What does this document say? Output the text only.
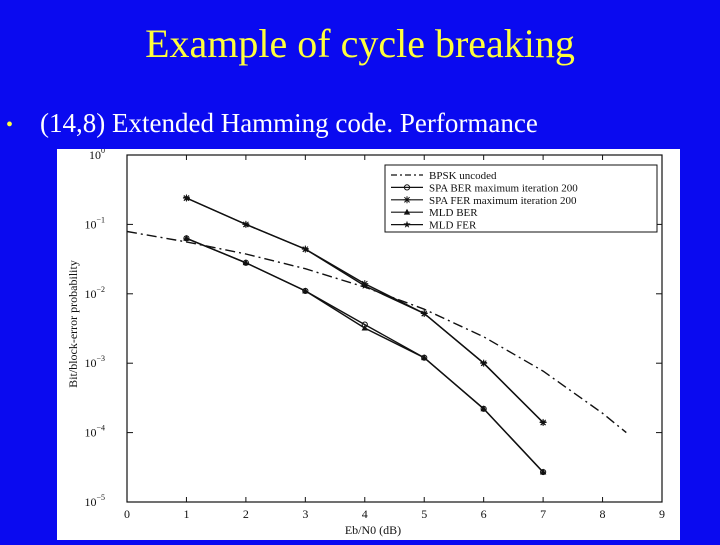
Example of cycle breaking
• (14,8) Extended Hamming code. Performance
0	1	2	3	4	5	6	7	8	9
$10^0$
$10^{-1}$
$10^{-2}$
$10^{-3}$
$10^{-4}$
$10^{-5}$
BPSK uncoded
SPA BER maximum iteration 200
SPA FER maximum iteration 200
MLD BER
MLD FER
Eb/N0 (dB)
Bit/block-error probability
